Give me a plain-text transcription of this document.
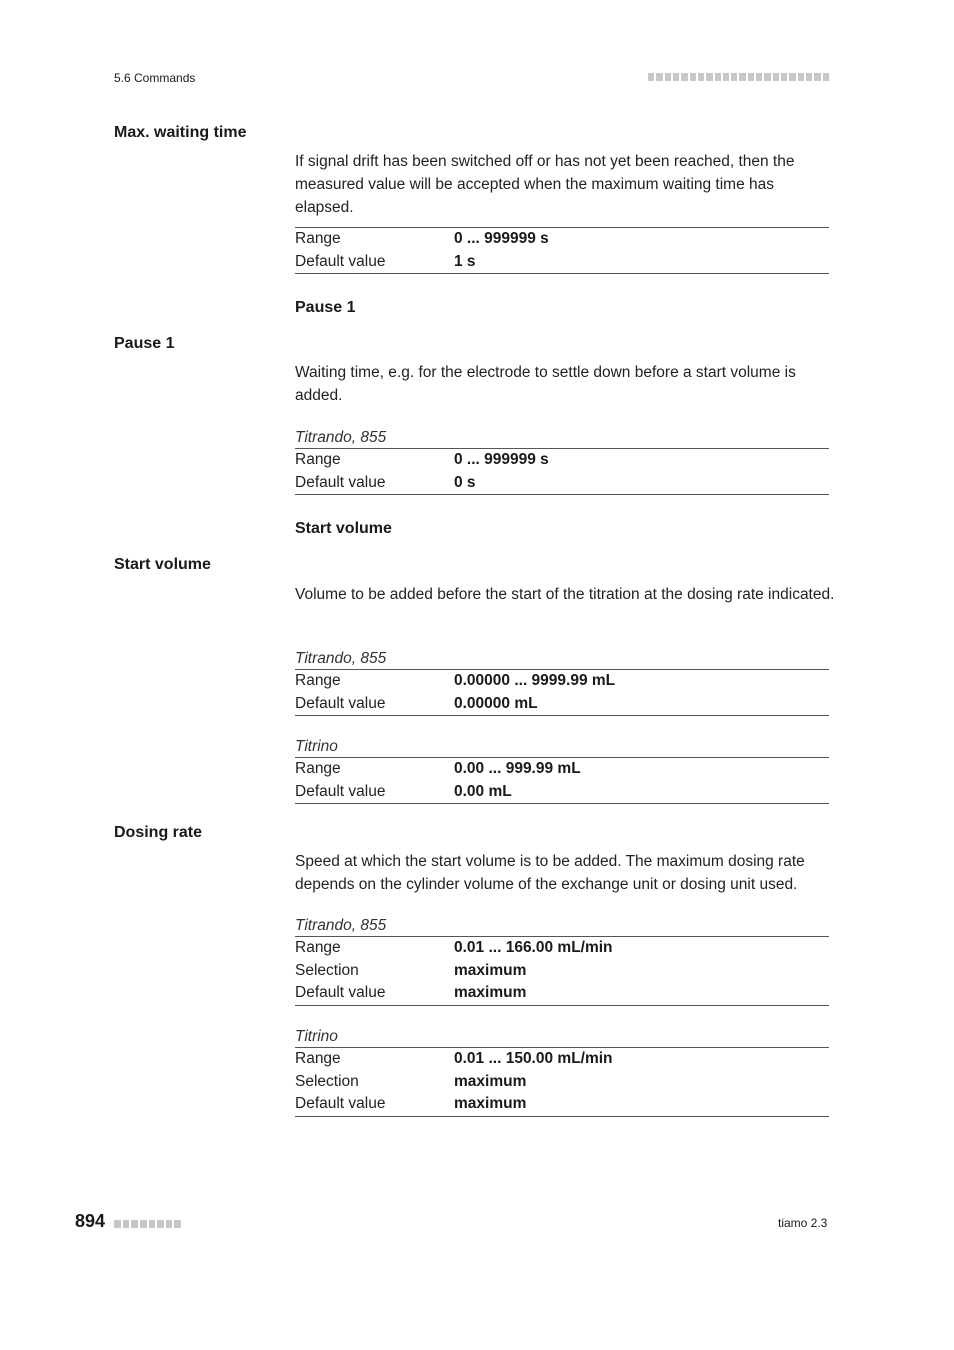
5.6 Commands
Max. waiting time
If signal drift has been switched off or has not yet been reached, then the measured value will be accepted when the maximum waiting time has elapsed.
Range	0 ... 999999 s
Default value	1 s
Pause 1
Pause 1
Waiting time, e.g. for the electrode to settle down before a start volume is added.
Titrando, 855
Range	0 ... 999999 s
Default value	0 s
Start volume
Start volume
Volume to be added before the start of the titration at the dosing rate indicated.
Titrando, 855
Range	0.00000 ... 9999.99 mL
Default value	0.00000 mL
Titrino
Range	0.00 ... 999.99 mL
Default value	0.00 mL
Dosing rate
Speed at which the start volume is to be added. The maximum dosing rate depends on the cylinder volume of the exchange unit or dosing unit used.
Titrando, 855
Range	0.01 ... 166.00 mL/min
Selection	maximum
Default value	maximum
Titrino
Range	0.01 ... 150.00 mL/min
Selection	maximum
Default value	maximum
894	tiamo 2.3
